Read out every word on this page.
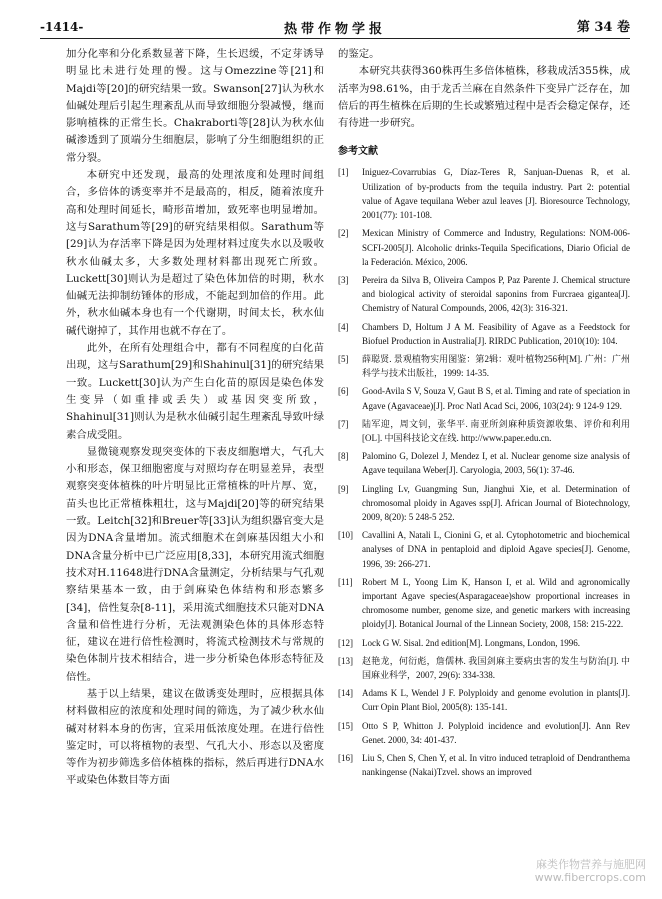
-1414-	热带作物学报	第 34 卷

加分化率和分化系数显著下降，生长迟缓，不定芽诱导明显比未进行处理的慢。这与Omezzine等[21]和Majdi等[20]的研究结果一致。Swanson[27]认为秋水仙碱处理后引起生理紊乱从而导致细胞分裂减慢，继而影响植株的正常生长。Chakraborti等[28]认为秋水仙碱渗透到了顶端分生细胞层，影响了分生细胞组织的正常分裂。

本研究中还发现，最高的处理浓度和处理时间组合，多倍体的诱变率并不是最高的，相反，随着浓度升高和处理时间延长，畸形苗增加，致死率也明显增加。这与Sarathum等[29]的研究结果相似。Sarathum等[29]认为存活率下降是因为处理材料过度失水以及吸收秋水仙碱太多，大多数处理材料都出现死亡所致。Luckett[30]则认为是超过了染色体加倍的时期，秋水仙碱无法抑制纺锤体的形成，不能起到加倍的作用。此外，秋水仙碱本身也有一个代谢期，时间太长，秋水仙碱代谢掉了，其作用也就不存在了。

此外，在所有处理组合中，都有不同程度的白化苗出现，这与Sarathum[29]和Shahinul[31]的研究结果一致。Luckett[30]认为产生白化苗的原因是染色体发生变异（如重排或丢失）或基因突变所致，Shahinul[31]则认为是秋水仙碱引起生理紊乱导致叶绿素合成受阻。

显微镜观察发现突变体的下表皮细胞增大，气孔大小和形态，保卫细胞密度与对照均存在明显差异，表型观察突变体植株的叶片明显比正常植株的叶片厚、宽，苗头也比正常植株粗壮，这与Majdi[20]等的研究结果一致。Leitch[32]和Breuer等[33]认为组织器官变大是因为DNA含量增加。流式细胞术在剑麻基因组大小和DNA含量分析中已广泛应用[8,33]，本研究用流式细胞技术对H.11648进行DNA含量测定，分析结果与气孔观察结果基本一致，由于剑麻染色体结构和形态繁多[34]，倍性复杂[8-11]，采用流式细胞技术只能对DNA含量和倍性进行分析，无法观测染色体的具体形态特征，建议在进行倍性检测时，将流式检测技术与常规的染色体制片技术相结合，进一步分析染色体形态特征及倍性。

基于以上结果，建议在做诱变处理时，应根据具体材料做相应的浓度和处理时间的筛选，为了减少秋水仙碱对材料本身的伤害，宜采用低浓度处理。在进行倍性鉴定时，可以将植物的表型、气孔大小、形态以及密度等作为初步筛选多倍体植株的指标，然后再进行DNA水平或染色体数目等方面

的鉴定。

本研究共获得360株再生多倍体植株，移栽成活355株，成活率为98.61%，由于龙舌兰麻在自然条件下变异广泛存在，加倍后的再生植株在后期的生长或繁殖过程中是否会稳定保存，还有待进一步研究。

参考文献
[1] Iniguez-Covarrubias G, Díaz-Teres R, Sanjuan-Duenas R, et al. Utilization of by-products from the tequila industry. Part 2: potential value of Agave tequilana Weber azul leaves [J]. Bioresource Technology, 2001(77): 101-108.
[2] Mexican Ministry of Commerce and Industry, Regulations: NOM-006-SCFI-2005[J]. Alcoholic drinks-Tequila Specifications, Diario Oficial de la Federación. México, 2006.
[3] Pereira da Silva B, Oliveira Campos P, Paz Parente J. Chemical structure and biological activity of steroidal saponins from Furcraea gigantea[J]. Chemistry of Natural Compounds, 2006, 42(3): 316-321.
[4] Chambers D, Holtum J A M. Feasibility of Agave as a Feedstock for Biofuel Production in Australia[J]. RIRDC Publication, 2010(10): 104.
[5] 薛聪贤. 景观植物实用图鉴：第2辑：观叶植物256种[M]. 广州：广州科学与技术出版社，1999: 14-35.
[6] Good-Avila S V, Souza V, Gaut B S, et al. Timing and rate of speciation in Agave (Agavaceae)[J]. Proc Natl Acad Sci, 2006, 103(24): 9 124-9 129.
[7] 陆军迎，周文钊，张华平. 南亚所剑麻种质资源收集、评价和利用[OL]. 中国科技论文在线. http://www.paper.edu.cn.
[8] Palomino G, Dolezel J, Mendez I, et al. Nuclear genome size analysis of Agave tequilana Weber[J]. Caryologia, 2003, 56(1): 37-46.
[9] Lingling Lv, Guangming Sun, Jianghui Xie, et al. Determination of chromosomal ploidy in Agaves ssp[J]. African Journal of Biotechnology, 2009, 8(20): 5 248-5 252.
[10] Cavallini A, Natali L, Cionini G, et al. Cytophotometric and biochemical analyses of DNA in pentaploid and diploid Agave species[J]. Genome, 1996, 39: 266-271.
[11] Robert M L, Yoong Lim K, Hanson I, et al. Wild and agronomically important Agave species(Asparagaceae)show proportional increases in chromosome number, genome size, and genetic markers with increasing ploidy[J]. Botanical Journal of the Linnean Society, 2008, 158: 215-222.
[12] Lock G W. Sisal. 2nd edition[M]. Longmans, London, 1996.
[13] 赵艳龙，何衍彪，詹儒林. 我国剑麻主要病虫害的发生与防治[J]. 中国麻业科学，2007, 29(6): 334-338.
[14] Adams K L, Wendel J F. Polyploidy and genome evolution in plants[J]. Curr Opin Plant Biol, 2005(8): 135-141.
[15] Otto S P, Whitton J. Polyploid incidence and evolution[J]. Ann Rev Genet. 2000, 34: 401-437.
[16] Liu S, Chen S, Chen Y, et al. In vitro induced tetraploid of Dendranthema nankingense (Nakai)Tzvel. shows an improved
麻类作物营养与施肥网
www.fibercrops.com
